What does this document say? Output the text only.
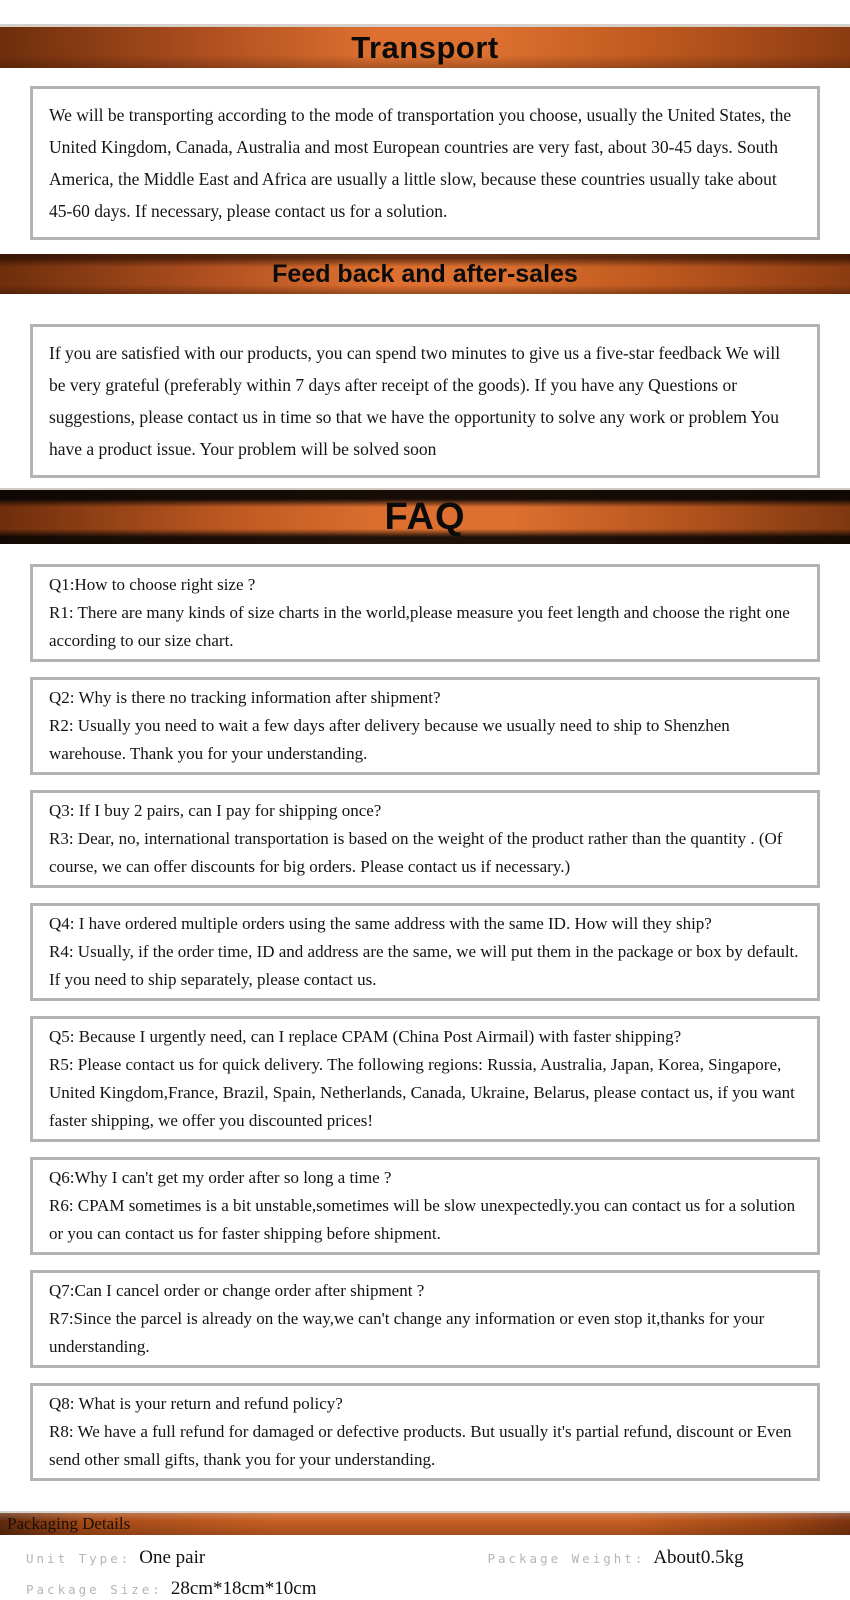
Transport
We will be transporting according to the mode of transportation you choose, usually the United States, the United Kingdom, Canada, Australia and most European countries are very fast, about 30-45 days. South America, the Middle East and Africa are usually a little slow, because these countries usually take about 45-60 days. If necessary, please contact us for a solution.
Feed back and after-sales
If you are satisfied with our products, you can spend two minutes to give us a five-star feedback We will be very grateful (preferably within 7 days after receipt of the goods). If you have any Questions or suggestions, please contact us in time so that we have the opportunity to solve any work or problem You have a product issue. Your problem will be solved soon
FAQ
Q1:How to choose right size ?
R1: There are many kinds of size charts in the world,please measure you feet length and choose the right one according to our size chart.
Q2: Why is there no tracking information after shipment?
R2: Usually you need to wait a few days after delivery because we usually need to ship to Shenzhen warehouse. Thank you for your understanding.
Q3: If I buy 2 pairs, can I pay for shipping once?
R3: Dear, no, international transportation is based on the weight of the product rather than the quantity . (Of course, we can offer discounts for big orders. Please contact us if necessary.)
Q4: I have ordered multiple orders using the same address with the same ID. How will they ship?
R4: Usually, if the order time, ID and address are the same, we will put them in the package or box by default. If you need to ship separately, please contact us.
Q5: Because I urgently need, can I replace CPAM (China Post Airmail) with faster shipping?
R5: Please contact us for quick delivery. The following regions: Russia, Australia, Japan, Korea, Singapore, United Kingdom,France, Brazil, Spain, Netherlands, Canada, Ukraine, Belarus, please contact us, if you want faster shipping, we offer you discounted prices!
Q6:Why I can't get my order after so long a time ?
R6: CPAM sometimes is a bit unstable,sometimes will be slow unexpectedly.you can contact us for a solution or you can contact us for faster shipping before shipment.
Q7:Can I cancel order or change order after shipment ?
R7:Since the parcel is already on the way,we can't change any information or even stop it,thanks for your understanding.
Q8: What is your return and refund policy?
R8: We have a full refund for damaged or defective products. But usually it's partial refund, discount or Even send other small gifts, thank you for your understanding.
Packaging Details
Unit Type: One pair
Package Size: 28cm*18cm*10cm
Package Weight: About0.5kg
